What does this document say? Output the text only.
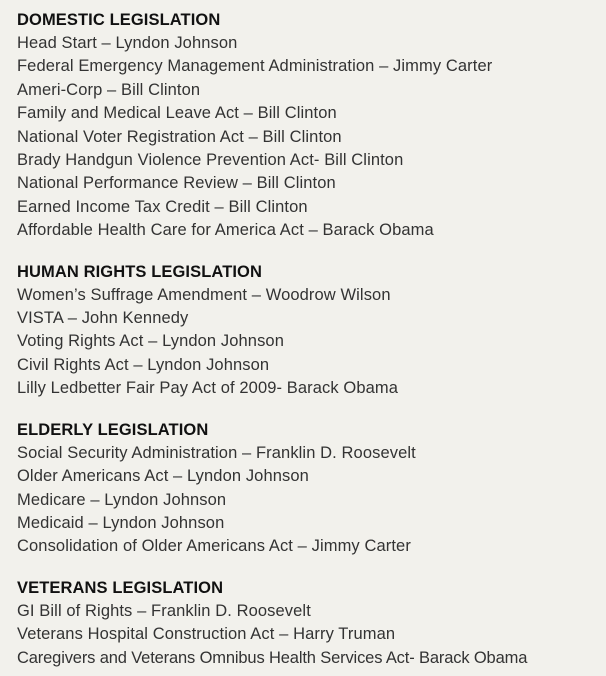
DOMESTIC LEGISLATION
Head Start – Lyndon Johnson
Federal Emergency Management Administration – Jimmy Carter
Ameri-Corp – Bill Clinton
Family and Medical Leave Act – Bill Clinton
National Voter Registration Act – Bill Clinton
Brady Handgun Violence Prevention Act- Bill Clinton
National Performance Review – Bill Clinton
Earned Income Tax Credit – Bill Clinton
Affordable Health Care for America Act – Barack Obama
HUMAN RIGHTS LEGISLATION
Women’s Suffrage Amendment – Woodrow Wilson
VISTA – John Kennedy
Voting Rights Act – Lyndon Johnson
Civil Rights Act – Lyndon Johnson
Lilly Ledbetter Fair Pay Act of 2009- Barack Obama
ELDERLY LEGISLATION
Social Security Administration – Franklin D. Roosevelt
Older Americans Act – Lyndon Johnson
Medicare – Lyndon Johnson
Medicaid – Lyndon Johnson
Consolidation of Older Americans Act – Jimmy Carter
VETERANS LEGISLATION
GI Bill of Rights – Franklin D. Roosevelt
Veterans Hospital Construction Act – Harry Truman
Caregivers and Veterans Omnibus Health Services Act- Barack Obama
